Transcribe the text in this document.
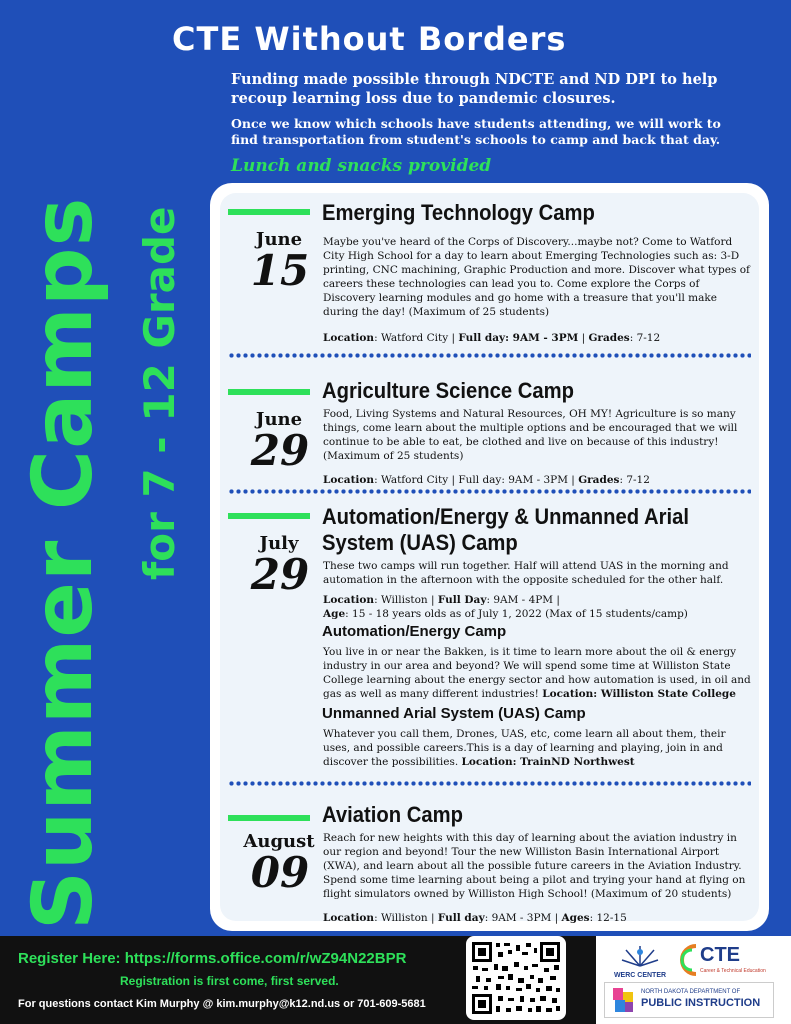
Summer Camps for 7 - 12 Grade
CTE Without Borders
Funding made possible through NDCTE and ND DPI to help recoup learning loss due to pandemic closures.
Once we know which schools have students attending, we will work to find transportation from student's schools to camp and back that day.
Lunch and snacks provided
June
15
Emerging Technology Camp
Maybe you've heard of the Corps of Discovery...maybe not? Come to Watford City High School for a day to learn about Emerging Technologies such as: 3-D printing, CNC machining, Graphic Production and more. Discover what types of careers these technologies can lead you to. Come explore the Corps of Discovery learning modules and go home with a treasure that you'll make during the day! (Maximum of 25 students)
Location: Watford City | Full day: 9AM - 3PM | Grades: 7-12
June
29
Agriculture Science Camp
Food, Living Systems and Natural Resources, OH MY! Agriculture is so many things, come learn about the multiple options and be encouraged that we will continue to be able to eat, be clothed and live on because of this industry! (Maximum of 25 students)
Location: Watford City | Full day: 9AM - 3PM | Grades: 7-12
July
29
Automation/Energy & Unmanned Arial
System (UAS) Camp
These two camps will run together. Half will attend UAS in the morning and automation in the afternoon with the opposite scheduled for the other half.
Location: Williston | Full Day: 9AM - 4PM |
Age: 15 - 18 years olds as of July 1, 2022 (Max of 15 students/camp)
Automation/Energy Camp
You live in or near the Bakken, is it time to learn more about the oil & energy industry in our area and beyond? We will spend some time at Williston State College learning about the energy sector and how automation is used, in oil and gas as well as many different industries! Location: Williston State College
Unmanned Arial System (UAS) Camp
Whatever you call them, Drones, UAS, etc, come learn all about them, their uses, and possible careers.This is a day of learning and playing, join in and discover the possibilities. Location: TrainND Northwest
August
09
Aviation Camp
Reach for new heights with this day of learning about the aviation industry in our region and beyond! Tour the new Williston Basin International Airport (XWA), and learn about all the possible future careers in the Aviation Industry. Spend some time learning about being a pilot and trying your hand at flying on flight simulators owned by Williston High School! (Maximum of 20 students)
Location: Williston | Full day: 9AM - 3PM | Ages: 12-15
Register Here: https://forms.office.com/r/wZ94N22BPR
Registration is first come, first served.
For questions contact Kim Murphy @ kim.murphy@k12.nd.us or 701-609-5681
WERC CENTER
CTE
Career & Technical Education
NORTH DAKOTA DEPARTMENT OF
PUBLIC INSTRUCTION
